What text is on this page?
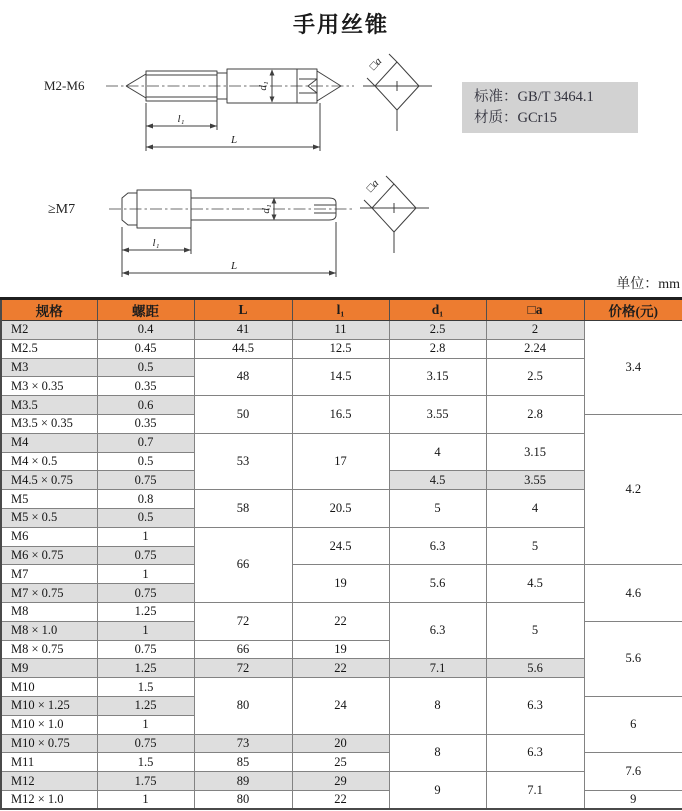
手用丝锥
M2-M6
≥M7
d₁
l₁
L
□a
d₁
l₁
L
□a
标准：GB/T 3464.1
材质：GCr15
单位：mm
规格	螺距	L	l₁	d₁	□a	价格(元)
M2	0.4	41	11	2.5	2	3.4
M2.5	0.45	44.5	12.5	2.8	2.24	
M3	0.5	48	14.5	3.15	2.5	
M3 × 0.35	0.35					
M3.5	0.6	50	16.5	3.55	2.8	
M3.5 × 0.35	0.35					4.2
M4	0.7	53	17	4	3.15	
M4 × 0.5	0.5					
M4.5 × 0.75	0.75			4.5	3.55	
M5	0.8	58	20.5	5	4	
M5 × 0.5	0.5					
M6	1	66	24.5	6.3	5	
M6 × 0.75	0.75					
M7	1		19	5.6	4.5	4.6
M7 × 0.75	0.75					
M8	1.25	72	22	6.3	5	
M8 × 1.0	1					5.6
M8 × 0.75	0.75	66	19			
M9	1.25	72	22	7.1	5.6	
M10	1.5	80	24	8	6.3	
M10 × 1.25	1.25					6
M10 × 1.0	1					
M10 × 0.75	0.75	73	20	8	6.3	
M11	1.5	85	25			7.6
M12	1.75	89	29	9	7.1	
M12 × 1.0	1	80	22			9
